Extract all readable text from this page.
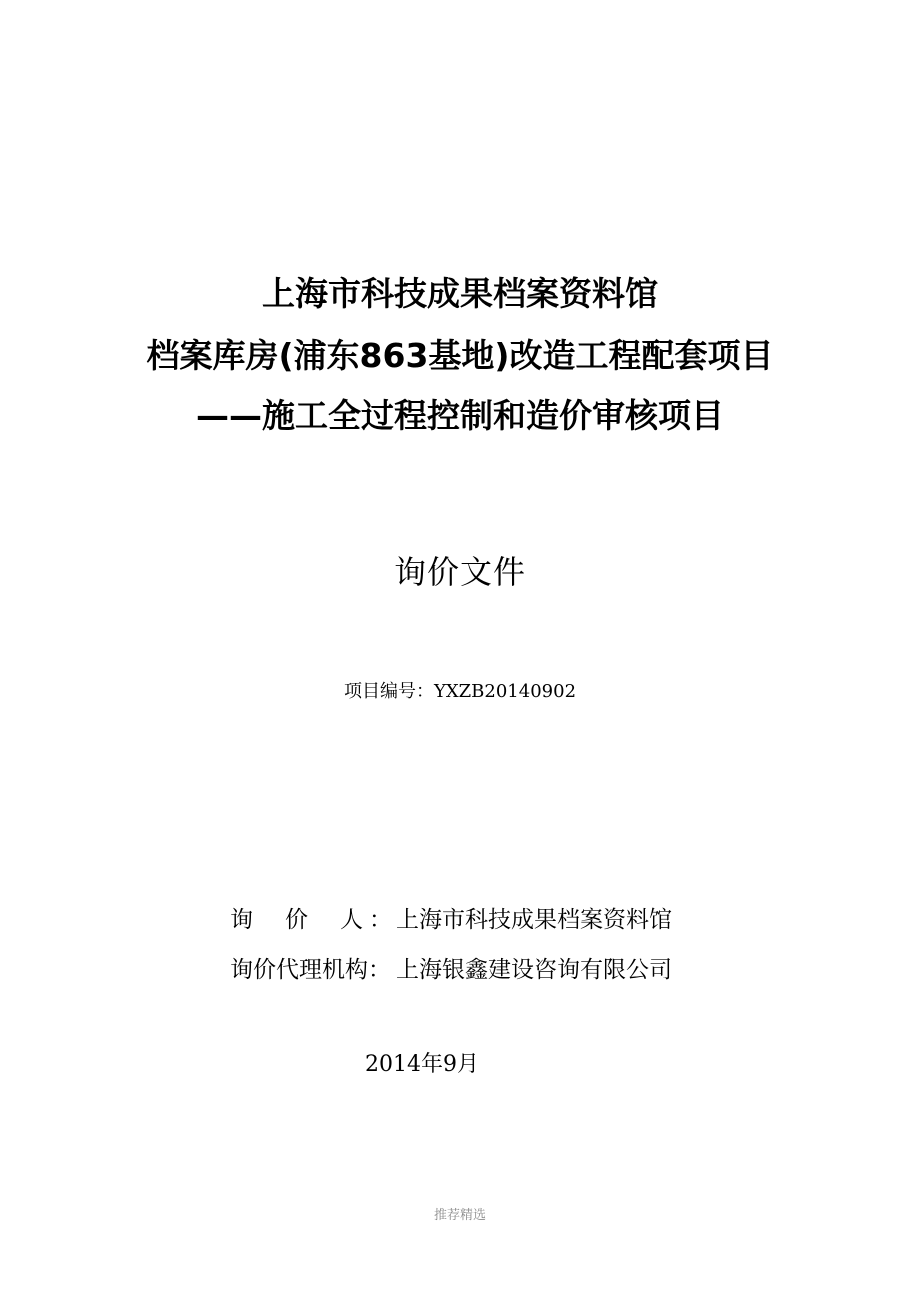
上海市科技成果档案资料馆
档案库房(浦东863基地)改造工程配套项目
——施工全过程控制和造价审核项目
询价文件
项目编号：YXZB20140902
询 价 人 ： 上海市科技成果档案资料馆
询价代理机构： 上海银鑫建设咨询有限公司
2014年9月
推荐精选
